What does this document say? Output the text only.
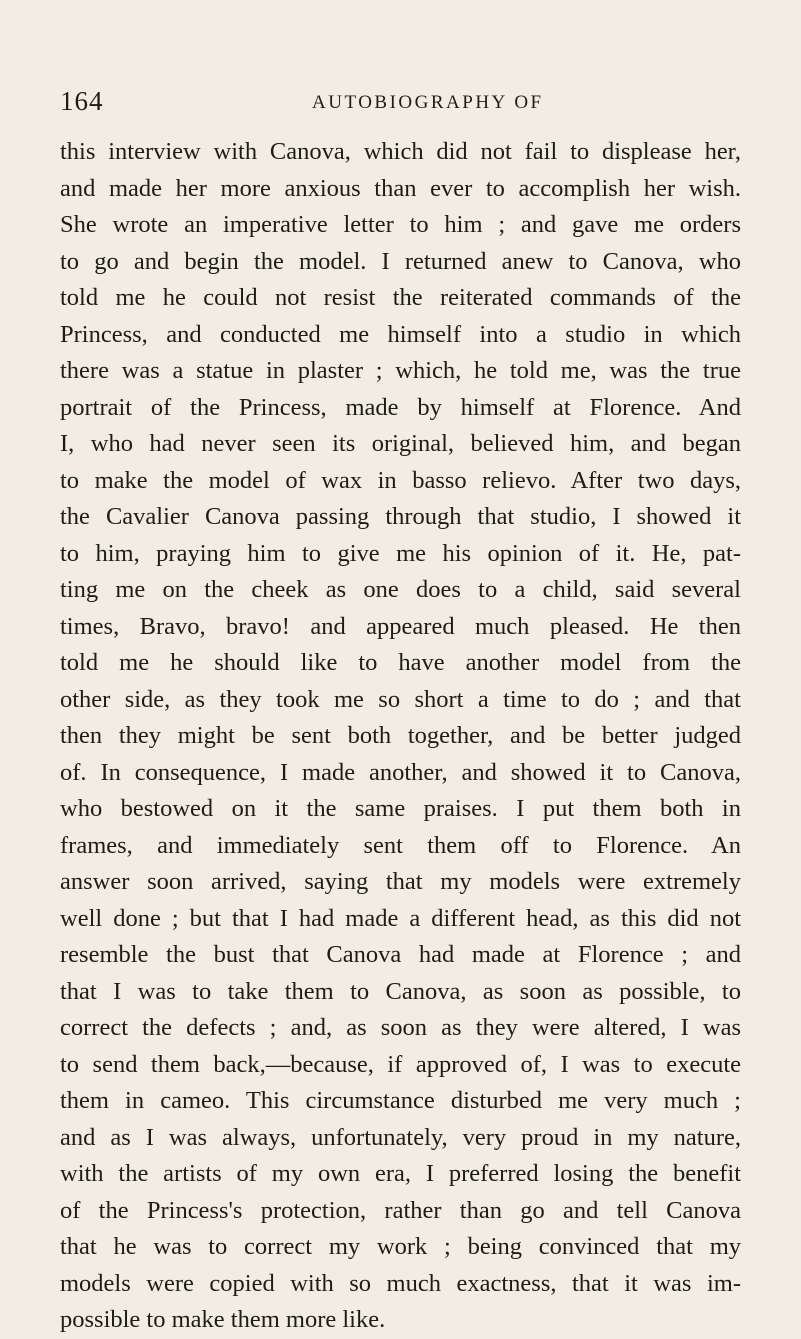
164	AUTOBIOGRAPHY OF
this interview with Canova, which did not fail to displease her,
and made her more anxious than ever to accomplish her wish.
She wrote an imperative letter to him ; and gave me orders
to go and begin the model. I returned anew to Canova, who
told me he could not resist the reiterated commands of the
Princess, and conducted me himself into a studio in which
there was a statue in plaster ; which, he told me, was the true
portrait of the Princess, made by himself at Florence. And
I, who had never seen its original, believed him, and began
to make the model of wax in basso relievo. After two days,
the Cavalier Canova passing through that studio, I showed it
to him, praying him to give me his opinion of it. He, pat-
ting me on the cheek as one does to a child, said several
times, Bravo, bravo! and appeared much pleased. He then
told me he should like to have another model from the
other side, as they took me so short a time to do ; and that
then they might be sent both together, and be better judged
of. In consequence, I made another, and showed it to Canova,
who bestowed on it the same praises. I put them both in
frames, and immediately sent them off to Florence. An
answer soon arrived, saying that my models were extremely
well done ; but that I had made a different head, as this did not
resemble the bust that Canova had made at Florence ; and
that I was to take them to Canova, as soon as possible, to
correct the defects ; and, as soon as they were altered, I was
to send them back,—because, if approved of, I was to execute
them in cameo. This circumstance disturbed me very much ;
and as I was always, unfortunately, very proud in my nature,
with the artists of my own era, I preferred losing the benefit
of the Princess's protection, rather than go and tell Canova
that he was to correct my work ; being convinced that my
models were copied with so much exactness, that it was im-
possible to make them more like.
